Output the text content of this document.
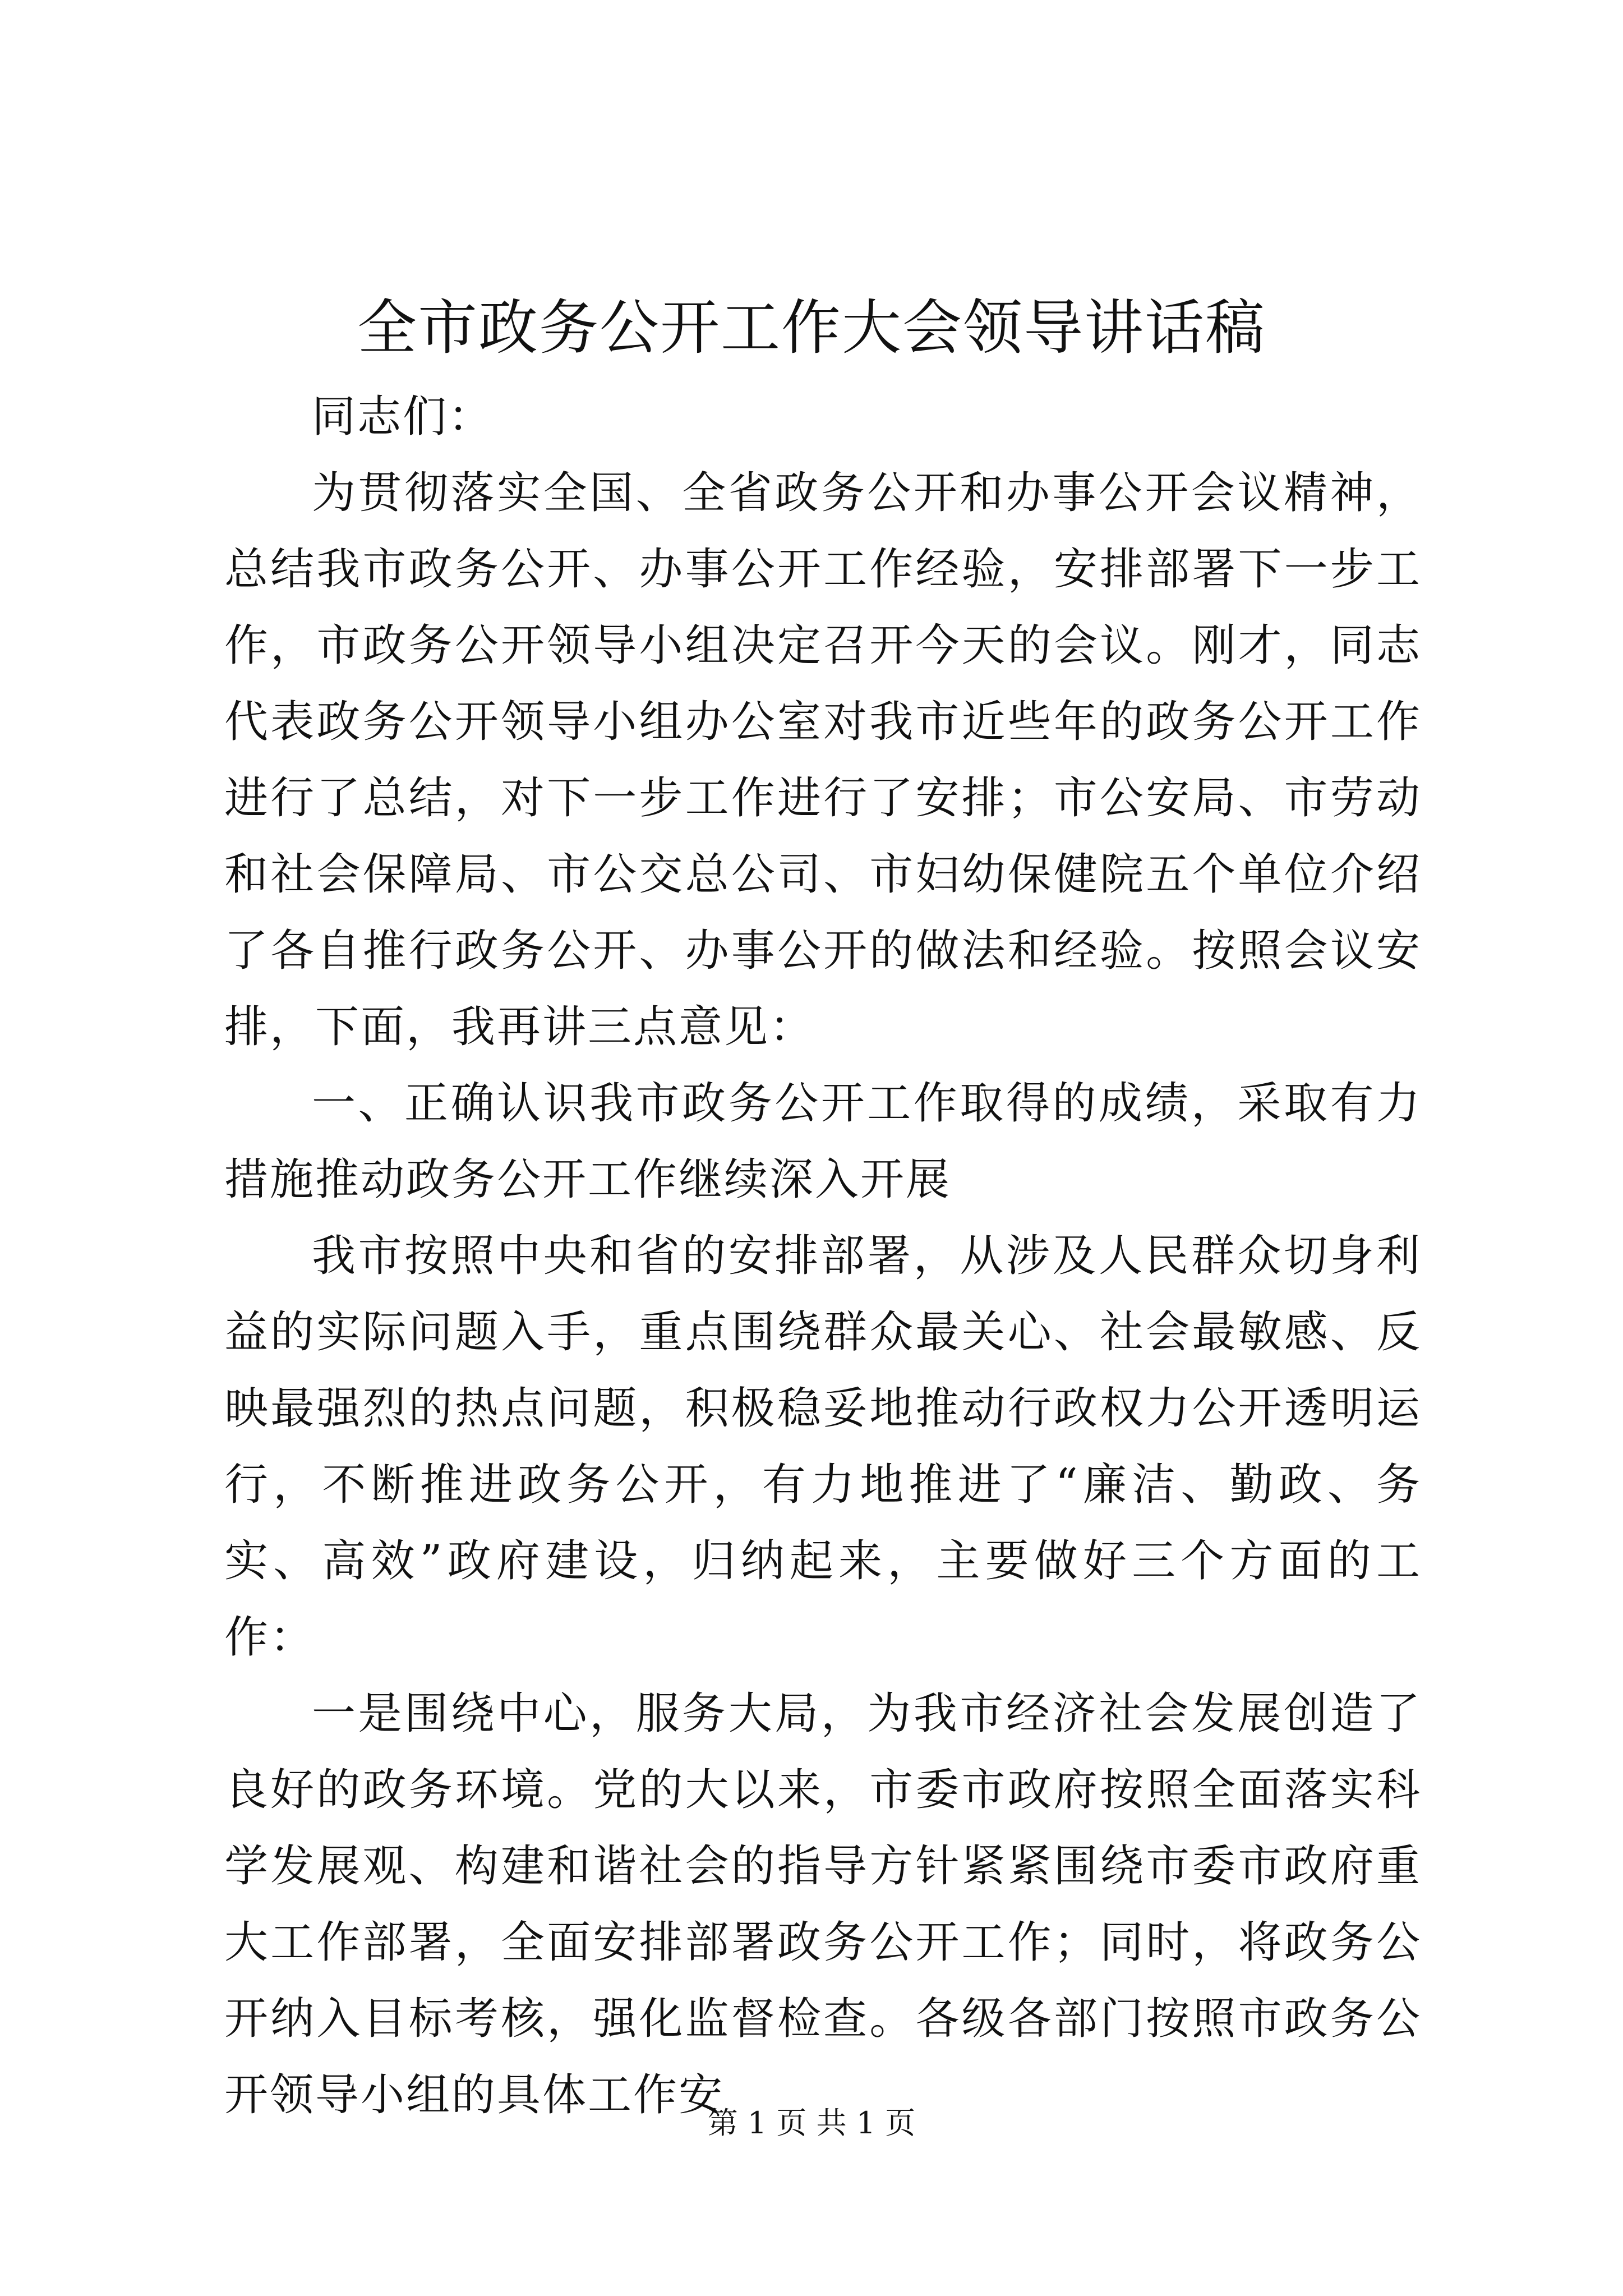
全市政务公开工作大会领导讲话稿

同志们：

为贯彻落实全国、全省政务公开和办事公开会议精神，总结我市政务公开、办事公开工作经验，安排部署下一步工作，市政务公开领导小组决定召开今天的会议。刚才，同志代表政务公开领导小组办公室对我市近些年的政务公开工作进行了总结，对下一步工作进行了安排；市公安局、市劳动和社会保障局、市公交总公司、市妇幼保健院五个单位介绍了各自推行政务公开、办事公开的做法和经验。按照会议安排，下面，我再讲三点意见：

一、正确认识我市政务公开工作取得的成绩，采取有力措施推动政务公开工作继续深入开展

我市按照中央和省的安排部署，从涉及人民群众切身利益的实际问题入手，重点围绕群众最关心、社会最敏感、反映最强烈的热点问题，积极稳妥地推动行政权力公开透明运行，不断推进政务公开，有力地推进了“廉洁、勤政、务实、高效”政府建设，归纳起来，主要做好三个方面的工作：

一是围绕中心，服务大局，为我市经济社会发展创造了良好的政务环境。党的大以来，市委市政府按照全面落实科学发展观、构建和谐社会的指导方针紧紧围绕市委市政府重大工作部署，全面安排部署政务公开工作；同时，将政务公开纳入目标考核，强化监督检查。各级各部门按照市政务公开领导小组的具体工作安

第 1 页 共 1 页
